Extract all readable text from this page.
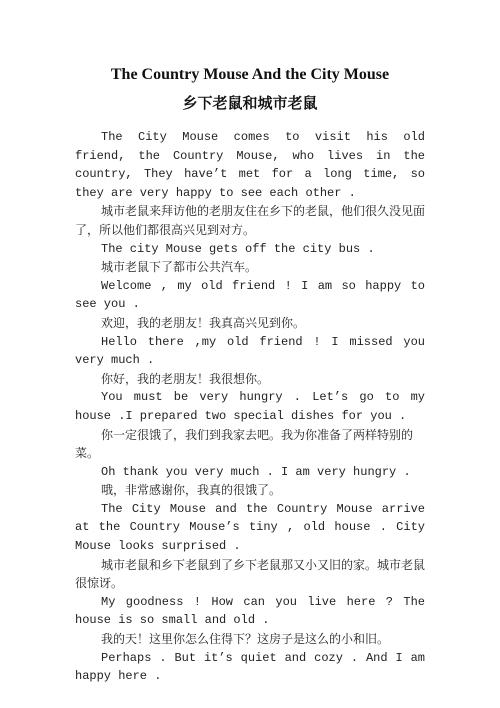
The Country Mouse And the City Mouse
乡下老鼠和城市老鼠

The City Mouse comes to visit his old friend, the Country Mouse, who lives in the country, They have’t met for a long time, so they are very happy to see each other .

城市老鼠来拜访他的老朋友住在乡下的老鼠，他们很久没见面了，所以他们都很高兴见到对方。

The city Mouse gets off the city bus .

城市老鼠下了都市公共汽车。

Welcome , my old friend ! I am so happy to see you .

欢迎，我的老朋友！我真高兴见到你。

Hello there ,my old friend ! I missed you very much .

你好，我的老朋友！我很想你。

You must be very hungry . Let’s go to my house .I prepared two special dishes for you .

你一定很饿了，我们到我家去吧。我为你准备了两样特别的菜。

Oh thank you very much . I am very hungry .

哦，非常感谢你，我真的很饿了。

The City Mouse and the Country Mouse arrive at the Country Mouse’s tiny , old house . City Mouse looks surprised .

城市老鼠和乡下老鼠到了乡下老鼠那又小又旧的家。城市老鼠很惊讶。

My goodness ! How can you live here ? The house is so small and old .

我的天！这里你怎么住得下？这房子是这么的小和旧。

Perhaps . But it’s quiet and cozy . And I am happy here .
